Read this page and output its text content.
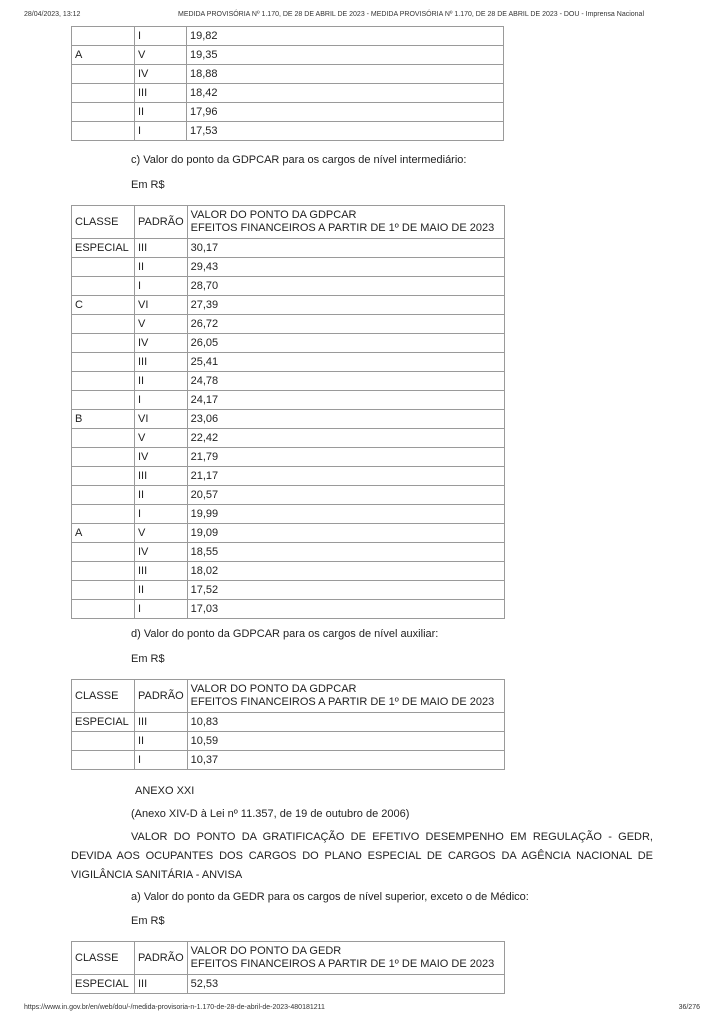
28/04/2023, 13:12	MEDIDA PROVISÓRIA Nº 1.170, DE 28 DE ABRIL DE 2023 - MEDIDA PROVISÓRIA Nº 1.170, DE 28 DE ABRIL DE 2023 - DOU - Imprensa Nacional
	I	19,82
A	V	19,35
	IV	18,88
	III	18,42
	II	17,96
	I	17,53
c) Valor do ponto da GDPCAR para os cargos de nível intermediário:
Em R$
CLASSE	PADRÃO	VALOR DO PONTO DA GDPCAR
EFEITOS FINANCEIROS A PARTIR DE 1º DE MAIO DE 2023

ESPECIAL	III	30,17
	II	29,43
	I	28,70
C	VI	27,39
	V	26,72
	IV	26,05
	III	25,41
	II	24,78
	I	24,17
B	VI	23,06
	V	22,42
	IV	21,79
	III	21,17
	II	20,57
	I	19,99
A	V	19,09
	IV	18,55
	III	18,02
	II	17,52
	I	17,03
d) Valor do ponto da GDPCAR para os cargos de nível auxiliar:
Em R$
CLASSE	PADRÃO	VALOR DO PONTO DA GDPCAR
EFEITOS FINANCEIROS A PARTIR DE 1º DE MAIO DE 2023

ESPECIAL	III	10,83
	II	10,59
	I	10,37
ANEXO XXI
(Anexo XIV-D à Lei nº 11.357, de 19 de outubro de 2006)
VALOR DO PONTO DA GRATIFICAÇÃO DE EFETIVO DESEMPENHO EM REGULAÇÃO - GEDR, DEVIDA AOS OCUPANTES DOS CARGOS DO PLANO ESPECIAL DE CARGOS DA AGÊNCIA NACIONAL DE VIGILÂNCIA SANITÁRIA - ANVISA
a) Valor do ponto da GEDR para os cargos de nível superior, exceto o de Médico:
Em R$
CLASSE	PADRÃO	VALOR DO PONTO DA GEDR
EFEITOS FINANCEIROS A PARTIR DE 1º DE MAIO DE 2023

ESPECIAL	III	52,53
https://www.in.gov.br/en/web/dou/-/medida-provisoria-n-1.170-de-28-de-abril-de-2023-480181211	36/276
